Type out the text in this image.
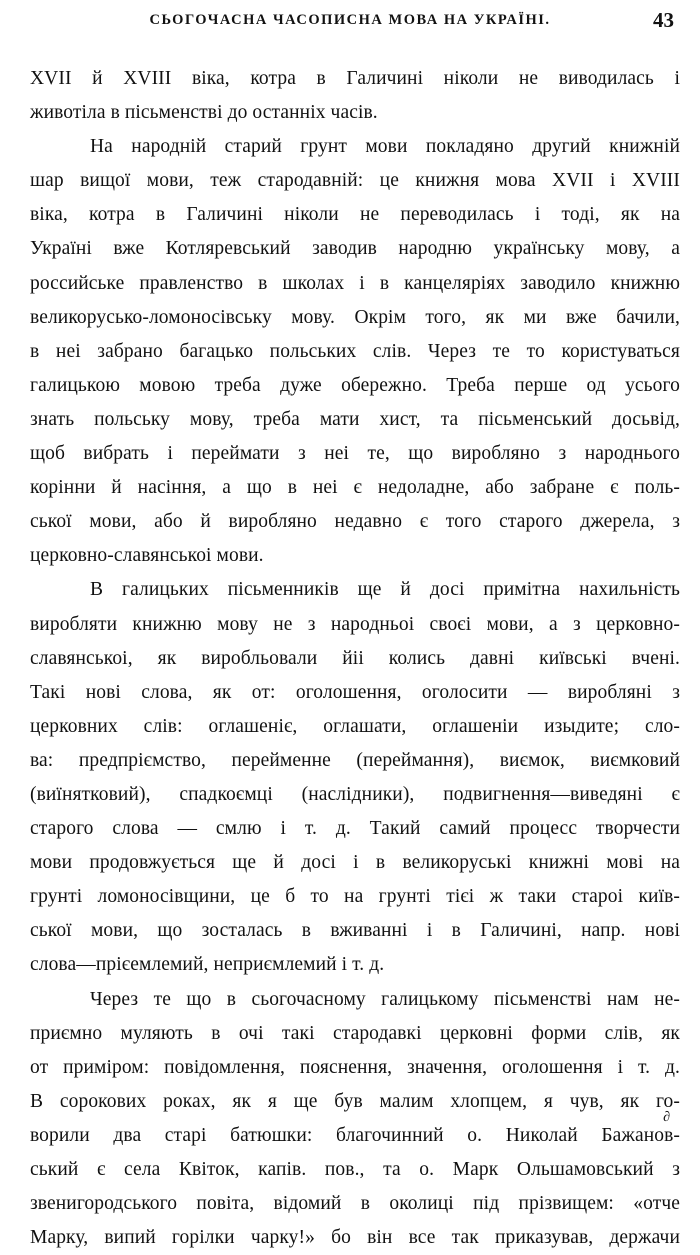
СЬОГОЧАСНА ЧАСОПИСНА МОВА НА УКРАЇНІ.	43
XVII й XVIII віка, котра в Галичині ніколи не виводилась і
животіла в пісьменстві до останніх часів.
На народній старий грунт мови покладяно другий книжній
шар вищої мови, теж стародавній: це книжня мова XVII і XVIII
віка, котра в Галичині ніколи не переводилась і тоді, як на
Україні вже Котляревський заводив народню українську мову, а
российське правленство в школах і в канцеляріях заводило книжню
великорусько-ломоносівську мову. Окрім того, як ми вже бачили,
в неі забрано багацько польських слів. Через те то користуваться
галицькою мовою треба дуже обережно. Треба перше од усього
знать польську мову, треба мати хист, та пісьменський досьвід,
щоб вибрать і переймати з неі те, що виробляно з народнього
корінни й насіння, а що в неі є недоладне, або забране є поль-
ської мови, або й виробляно недавно є того старого джерела, з
церковно-славянськоі мови.
В галицьких пісьменників ще й досі примітна нахильність
виробляти книжню мову не з народньоі своєі мови, а з церковно-
славянськоі, як виробльовали йіі колись давні київські вчені.
Такі нові слова, як от: оголошення, оголосити — виробляні з
церковних слів: оглашеніє, оглашати, оглашеніи изыдите; сло-
ва: предпріємство, перейменне (переймання), виємок, виємковий
(виїнятковий), спадкоємці (наслідники), подвигнення—виведяні є
старого слова — смлю і т. д. Такий самий процесс творчести
мови продовжується ще й досі і в великоруські книжні мові на
грунті ломоносівщини, це б то на грунті тієі ж таки староі київ-
ської мови, що зосталась в вживанні і в Галичині, напр. нові
слова—прієемлемий, неприємлемий і т. д.
Через те що в сьогочасному галицькому пісьменстві нам не-
приємно муляють в очі такі стародавкі церковні форми слів, як
от приміром: повідомлення, пояснення, значення, оголошення і т. д.
В сорокових роках, як я ще був малим хлопцем, я чув, як го-
ворили два старі батюшки: благочинний о. Николай Бажанов-
ський є села Квіток, капів. пов., та о. Марк Ольшамовський з
звенигородського повіта, відомий в околиці під прізвищем: «отче
Марку, випий горілки чарку!» бо він все так приказував, держачи
∂
